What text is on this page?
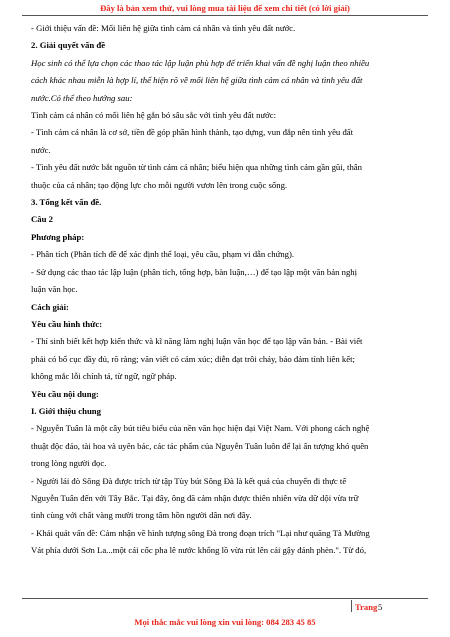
Đây là bản xem thử, vui lòng mua tài liệu để xem chi tiết (có lời giải)

- Giới thiệu vấn đề: Mối liên hệ giữa tình cảm cá nhân và tình yêu đất nước.

2. Giải quyết vấn đề

Học sinh có thể lựa chọn các thao tác lập luận phù hợp để triển khai vấn đề nghị luận theo nhiều

cách khác nhau miễn là hợp lí, thể hiện rõ về mối liên hệ giữa tình cảm cá nhân và tình yêu đất

nước.Có thể theo hướng sau:

Tình cảm cá nhân có mối liên hệ gắn bó sâu sắc với tình yêu đất nước:

- Tình cảm cá nhân là cơ sở, tiền đề góp phần hình thành, tạo dựng, vun đắp nên tình yêu đất

nước.

- Tình yêu đất nước bắt nguồn từ tình cảm cá nhân; biểu hiện qua những tình cảm gần gũi, thân

thuộc của cá nhân; tạo động lực cho mỗi người vươn lên trong cuộc sống.

3. Tổng kết vấn đề.

Câu 2

Phương pháp:

- Phân tích (Phân tích đề để xác định thể loại, yêu cầu, phạm vi dẫn chứng).

- Sử dụng các thao tác lập luận (phân tích, tổng hợp, bàn luận,…) để tạo lập một văn bản nghị

luận văn học.

Cách giải:

Yêu cầu hình thức:

- Thí sinh biết kết hợp kiến thức và kĩ năng làm nghị luận văn học để tạo lập văn bản. - Bài viết

phải có bố cục đầy đủ, rõ ràng; văn viết có cảm xúc; diễn đạt trôi chảy, bảo đảm tính liên kết;

không mắc lỗi chính tả, từ ngữ, ngữ pháp.

Yêu cầu nội dung:

I. Giới thiệu chung

- Nguyễn Tuân là một cây bút tiêu biểu của nền văn học hiện đại Việt Nam. Với phong cách nghệ

thuật độc đáo, tài hoa và uyên bác, các tác phẩm của Nguyễn Tuân luôn để lại ấn tượng khó quên

trong lòng người đọc.

- Người lái đò Sông Đà được trích từ tập Tùy bút Sông Đà là kết quả của chuyến đi thực tế

Nguyễn Tuân đến với Tây Bắc. Tại đây, ông đã cảm nhận được thiên nhiên vừa dữ dội vừa trữ

tình cùng với chất vàng mười trong tâm hồn người dân nơi đây.

- Khái quát vấn đề: Cảm nhận về hình tượng sông Đà trong đoạn trích "Lại như quãng Tà Mường

Vát phía dưới Sơn La...một cái cốc pha lê nước khổng lồ vừa rút lên cái gậy đánh phèn.". Từ đó,

Trang 5
Mọi thắc mắc vui lòng xin vui lòng: 084 283 45 85
